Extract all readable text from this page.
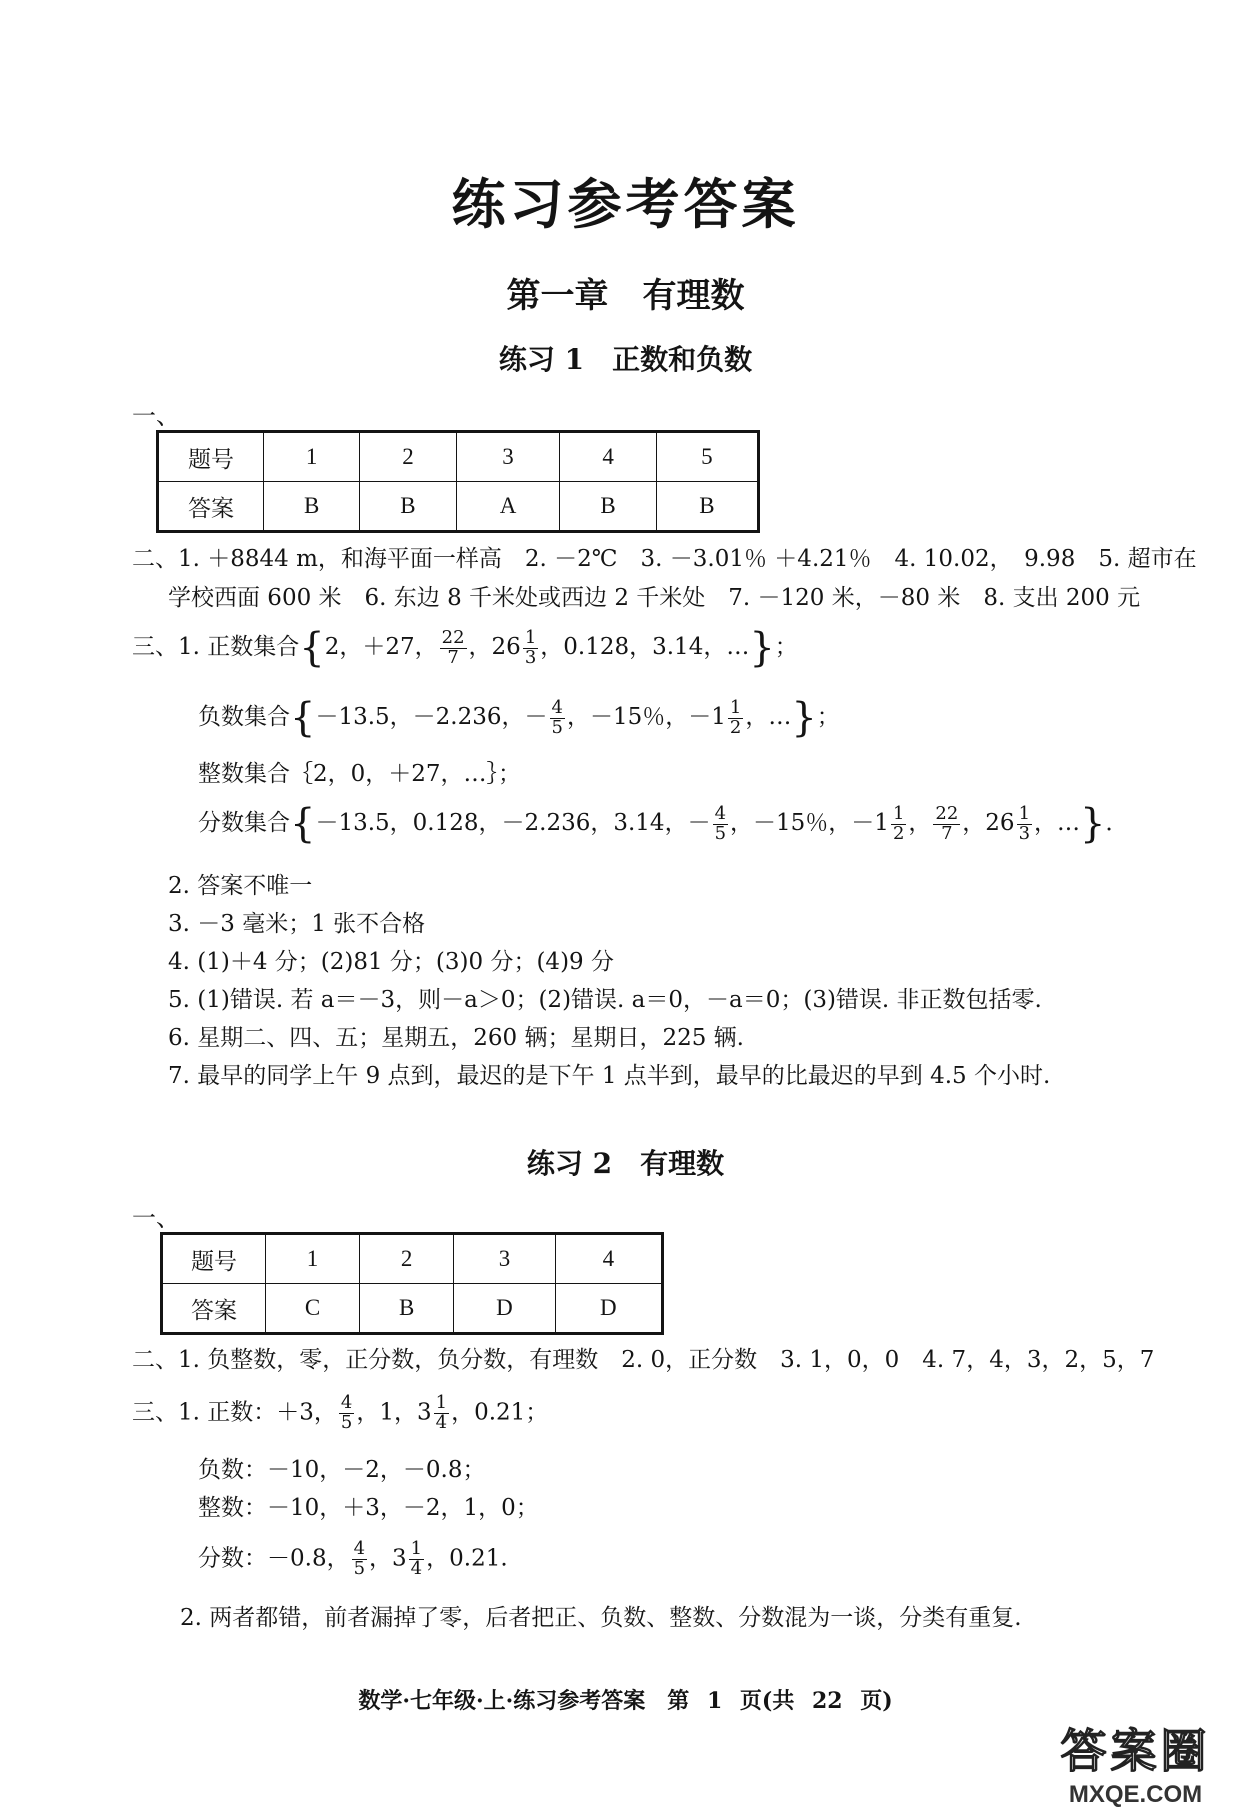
练习参考答案
第一章　有理数
练习 1　正数和负数
一、
题号	1	2	3	4	5
答案	B	B	A	B	B
二、1. ＋8844 m，和海平面一样高　2. －2℃　3. －3.01％ ＋4.21％　4. 10.02，　9.98　5. 超市在
学校西面 600 米　6. 东边 8 千米处或西边 2 千米处　7. －120 米，－80 米　8. 支出 200 元
三、1. 正数集合{2，＋27， $\frac{22}{7}$ ，$26 \frac{1}{3}$ ，0.128，3.14，…}；
负数集合{－13.5，－2.236，－ $\frac{4}{5}$ ，－15％，$-1 \frac{1}{2}$ ，…}；
整数集合｛2，0，＋27，…｝；
分数集合{－13.5，0.128，－2.236，3.14，－ $\frac{4}{5}$ ，－15％，$-1 \frac{1}{2}$ ， $\frac{22}{7}$ ，$26 \frac{1}{3}$ ，…}．
2. 答案不唯一
3. －3 毫米；1 张不合格
4. (1)＋4 分；(2)81 分；(3)0 分；(4)9 分
5. (1)错误. 若 a＝－3，则－a＞0；(2)错误. a＝0，－a＝0；(3)错误. 非正数包括零.
6. 星期二、四、五；星期五，260 辆；星期日，225 辆.
7. 最早的同学上午 9 点到，最迟的是下午 1 点半到，最早的比最迟的早到 4.5 个小时.
练习 2　有理数
一、
题号	1	2	3	4
答案	C	B	D	D
二、1. 负整数，零，正分数，负分数，有理数　2. 0，正分数　3. 1，0，0　4. 7，4，3，2，5，7
三、1. 正数：＋3， $\frac{4}{5}$ ，1，$3 \frac{1}{4}$ ，0.21；
负数：－10，－2，－0.8；
整数：－10，＋3，－2，1，0；
分数：－0.8， $\frac{4}{5}$ ，$3 \frac{1}{4}$ ，0.21.
2. 两者都错，前者漏掉了零，后者把正、负数、整数、分数混为一谈，分类有重复.
数学·七年级·上·练习参考答案　第 1 页(共 22 页)
答案圈
MXQE.COM
